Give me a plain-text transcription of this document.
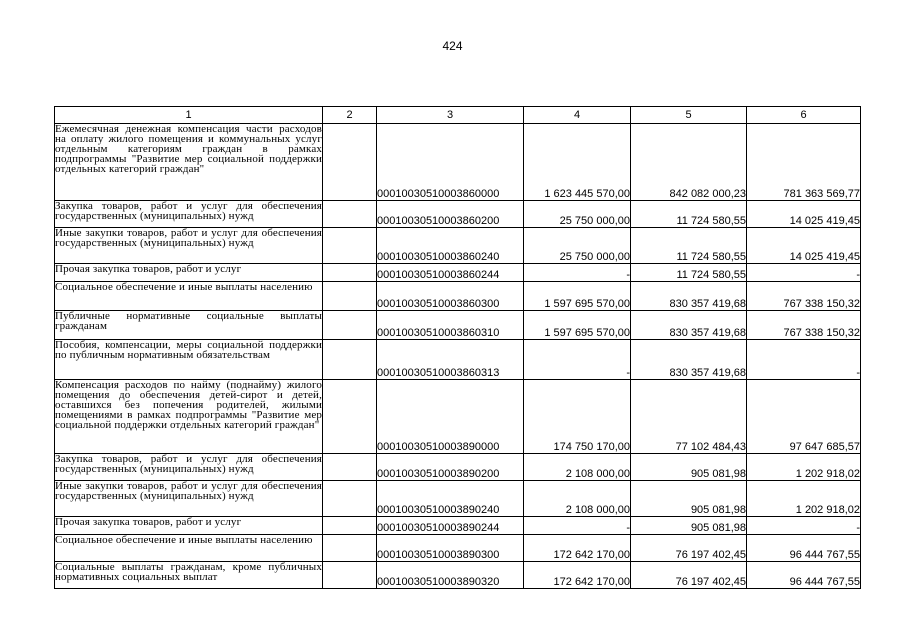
424
1	2	3	4	5	6
Ежемесячная денежная компенсация части расходов на оплату жилого помещения и коммунальных услуг отдельным категориям граждан в рамках подпрограммы "Развитие мер социальной поддержки отдельных категорий граждан"		00010030510003860000	1 623 445 570,00	842 082 000,23	781 363 569,77
Закупка товаров, работ и услуг для обеспечения государственных (муниципальных) нужд		00010030510003860200	25 750 000,00	11 724 580,55	14 025 419,45
Иные закупки товаров, работ и услуг для обеспечения государственных (муниципальных) нужд		00010030510003860240	25 750 000,00	11 724 580,55	14 025 419,45
Прочая закупка товаров, работ и услуг		00010030510003860244	-	11 724 580,55	-
Социальное обеспечение и иные выплаты населению		00010030510003860300	1 597 695 570,00	830 357 419,68	767 338 150,32
Публичные нормативные социальные выплаты гражданам		00010030510003860310	1 597 695 570,00	830 357 419,68	767 338 150,32
Пособия, компенсации, меры социальной поддержки по публичным нормативным обязательствам		00010030510003860313	-	830 357 419,68	-
Компенсация расходов по найму (поднайму) жилого помещения до обеспечения детей-сирот и детей, оставшихся без попечения родителей, жилыми помещениями в рамках подпрограммы "Развитие мер социальной поддержки отдельных категорий граждан"		00010030510003890000	174 750 170,00	77 102 484,43	97 647 685,57
Закупка товаров, работ и услуг для обеспечения государственных (муниципальных) нужд		00010030510003890200	2 108 000,00	905 081,98	1 202 918,02
Иные закупки товаров, работ и услуг для обеспечения государственных (муниципальных) нужд		00010030510003890240	2 108 000,00	905 081,98	1 202 918,02
Прочая закупка товаров, работ и услуг		00010030510003890244	-	905 081,98	-
Социальное обеспечение и иные выплаты населению		00010030510003890300	172 642 170,00	76 197 402,45	96 444 767,55
Социальные выплаты гражданам, кроме публичных нормативных социальных выплат		00010030510003890320	172 642 170,00	76 197 402,45	96 444 767,55
